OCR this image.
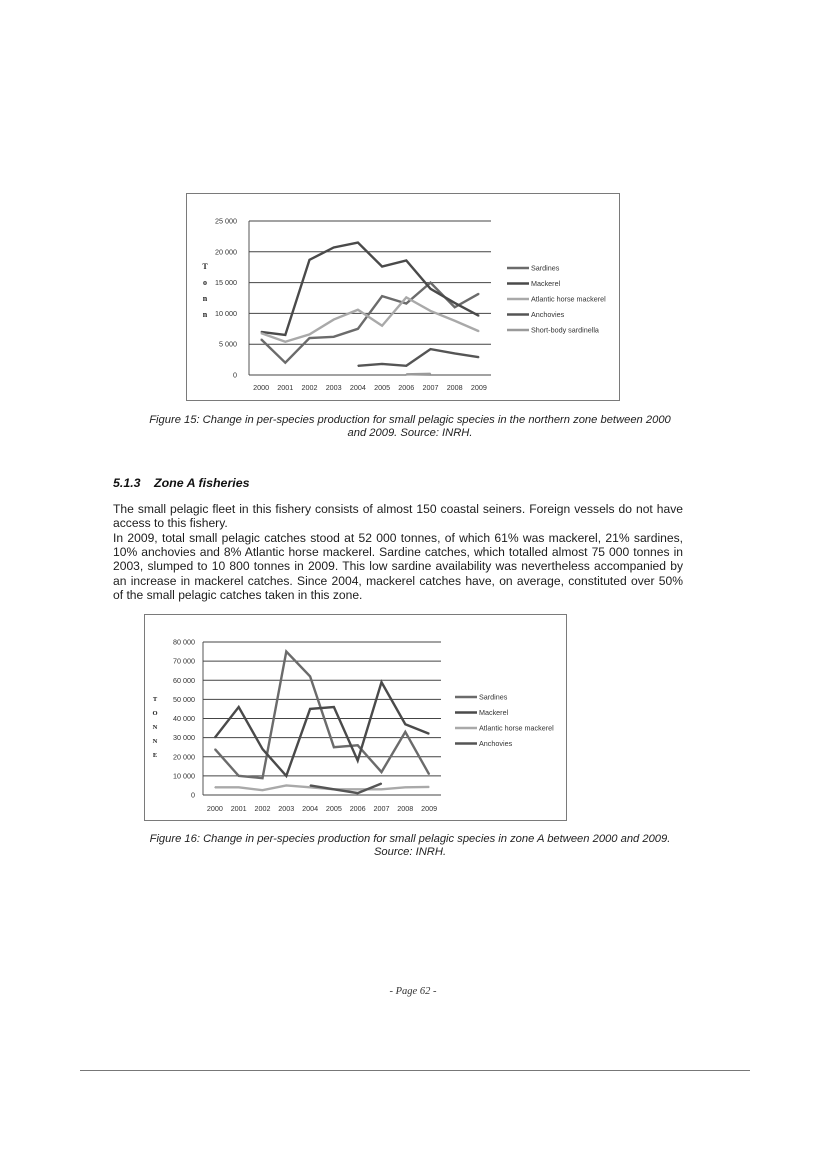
0
5 000
10 000
15 000
20 000
25 000
2000 2001 2002 2003 2004 2005 2006 2007 2008 2009
T
o
n
n
Sardines
Mackerel
Atlantic horse mackerel
Anchovies
Short-body sardinella
Figure 15: Change in per-species production for small pelagic species in the northern zone between 2000
and 2009. Source: INRH.
5.1.3 Zone A fisheries
The small pelagic fleet in this fishery consists of almost 150 coastal seiners. Foreign vessels do not have access to this fishery.
In 2009, total small pelagic catches stood at 52 000 tonnes, of which 61% was mackerel, 21% sardines, 10% anchovies and 8% Atlantic horse mackerel. Sardine catches, which totalled almost 75 000 tonnes in 2003, slumped to 10 800 tonnes in 2009. This low sardine availability was nevertheless accompanied by an increase in mackerel catches. Since 2004, mackerel catches have, on average, constituted over 50% of the small pelagic catches taken in this zone.
0
10 000
20 000
30 000
40 000
50 000
60 000
70 000
80 000
2000 2001 2002 2003 2004 2005 2006 2007 2008 2009
T
O
N
N
E
Sardines
Mackerel
Atlantic horse mackerel
Anchovies
Figure 16: Change in per-species production for small pelagic species in zone A between 2000 and 2009.
Source: INRH.
- Page 62 -
